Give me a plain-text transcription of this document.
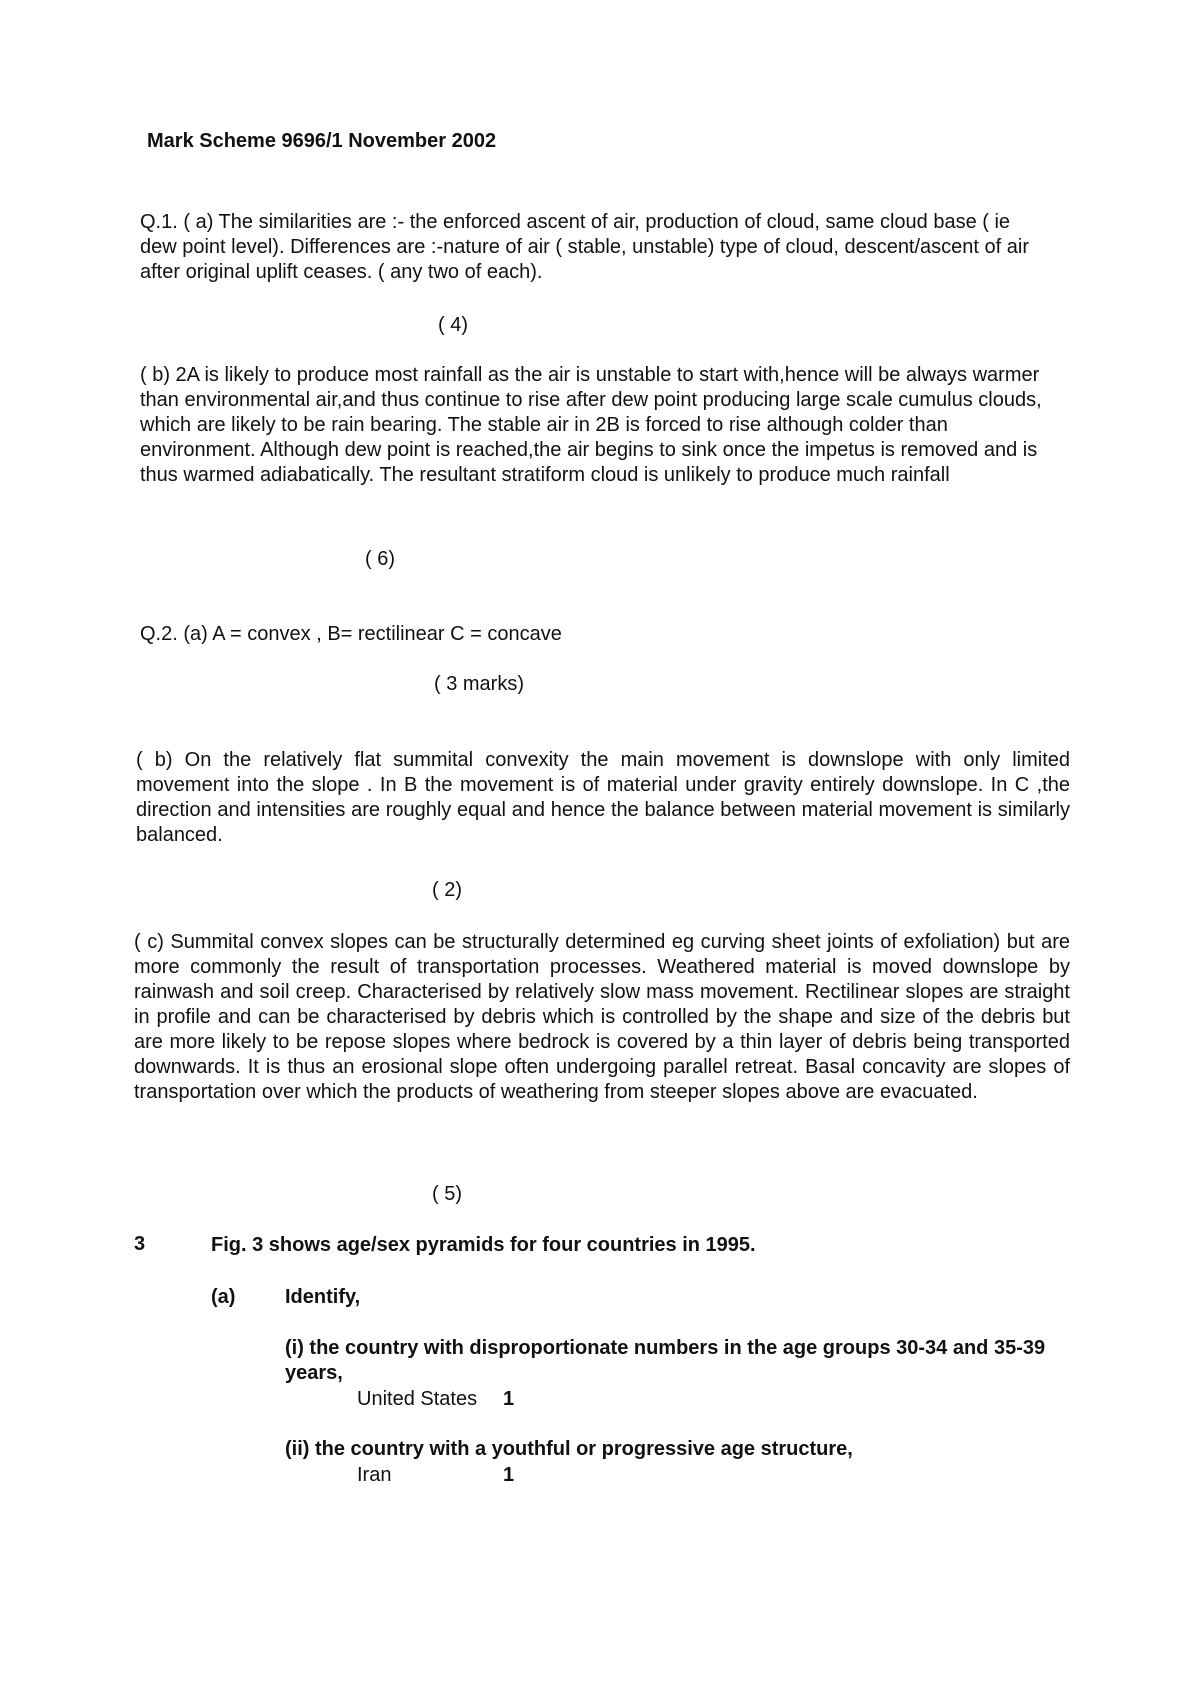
Mark Scheme 9696/1 November 2002
Q.1. ( a) The similarities are :- the enforced ascent of air, production of cloud, same cloud base ( ie dew point level). Differences are :-nature of air ( stable, unstable) type of cloud, descent/ascent of air after original uplift ceases. ( any two of each).
( 4)
( b) 2A is likely to produce most rainfall as the air is unstable to start with,hence will be always warmer than environmental air,and thus continue to rise after dew point producing large scale cumulus clouds, which are likely to be rain bearing. The stable air in 2B is forced to rise although colder than environment. Although dew point is reached,the air begins to sink once the impetus is removed and is thus warmed adiabatically. The resultant stratiform cloud is unlikely to produce much rainfall
( 6)
Q.2. (a) A = convex , B= rectilinear C = concave
( 3 marks)
( b) On the relatively flat summital convexity the main movement is downslope with only limited movement into the slope . In B the movement is of material under gravity entirely downslope. In C ,the direction and intensities are roughly equal and hence the balance between material movement is similarly balanced.
( 2)
( c) Summital convex slopes can be structurally determined eg curving sheet joints of exfoliation) but are more commonly the result of transportation processes. Weathered material is moved downslope by rainwash and soil creep. Characterised by relatively slow mass movement. Rectilinear slopes are straight in profile and can be characterised by debris which is controlled by the shape and size of the debris but are more likely to be repose slopes where bedrock is covered by a thin layer of debris being transported downwards. It is thus an erosional slope often undergoing parallel retreat. Basal concavity are slopes of transportation over which the products of weathering from steeper slopes above are evacuated.
( 5)
3	Fig. 3 shows age/sex pyramids for four countries in 1995.
(a) Identify,
(i) the country with disproportionate numbers in the age groups 30-34 and 35-39 years,
United States 1
(ii) the country with a youthful or progressive age structure,
Iran	1
